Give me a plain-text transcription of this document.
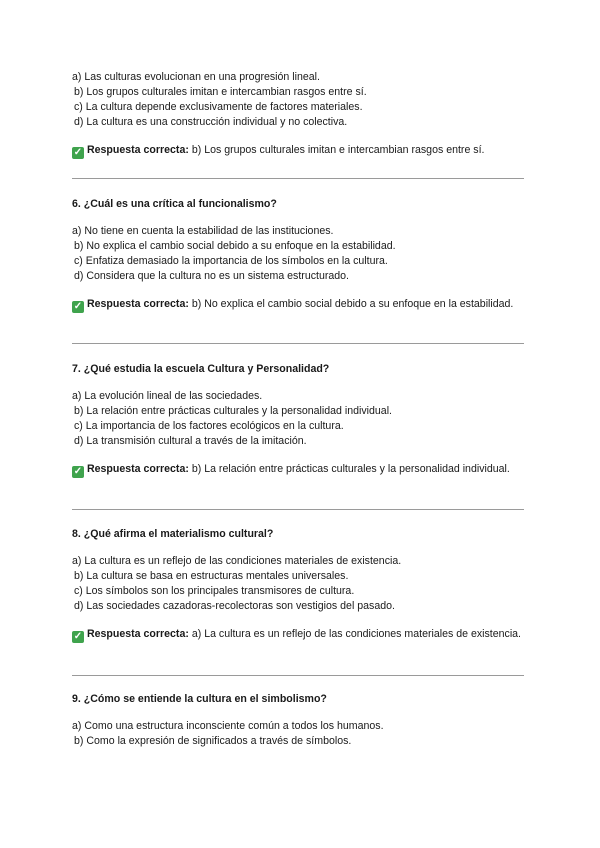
a) Las culturas evolucionan en una progresión lineal.
b) Los grupos culturales imitan e intercambian rasgos entre sí.
c) La cultura depende exclusivamente de factores materiales.
d) La cultura es una construcción individual y no colectiva.
✓ Respuesta correcta: b) Los grupos culturales imitan e intercambian rasgos entre sí.
6. ¿Cuál es una crítica al funcionalismo?
a) No tiene en cuenta la estabilidad de las instituciones.
b) No explica el cambio social debido a su enfoque en la estabilidad.
c) Enfatiza demasiado la importancia de los símbolos en la cultura.
d) Considera que la cultura no es un sistema estructurado.
✓ Respuesta correcta: b) No explica el cambio social debido a su enfoque en la estabilidad.
7. ¿Qué estudia la escuela Cultura y Personalidad?
a) La evolución lineal de las sociedades.
b) La relación entre prácticas culturales y la personalidad individual.
c) La importancia de los factores ecológicos en la cultura.
d) La transmisión cultural a través de la imitación.
✓ Respuesta correcta: b) La relación entre prácticas culturales y la personalidad individual.
8. ¿Qué afirma el materialismo cultural?
a) La cultura es un reflejo de las condiciones materiales de existencia.
b) La cultura se basa en estructuras mentales universales.
c) Los símbolos son los principales transmisores de cultura.
d) Las sociedades cazadoras-recolectoras son vestigios del pasado.
✓ Respuesta correcta: a) La cultura es un reflejo de las condiciones materiales de existencia.
9. ¿Cómo se entiende la cultura en el simbolismo?
a) Como una estructura inconsciente común a todos los humanos.
b) Como la expresión de significados a través de símbolos.
